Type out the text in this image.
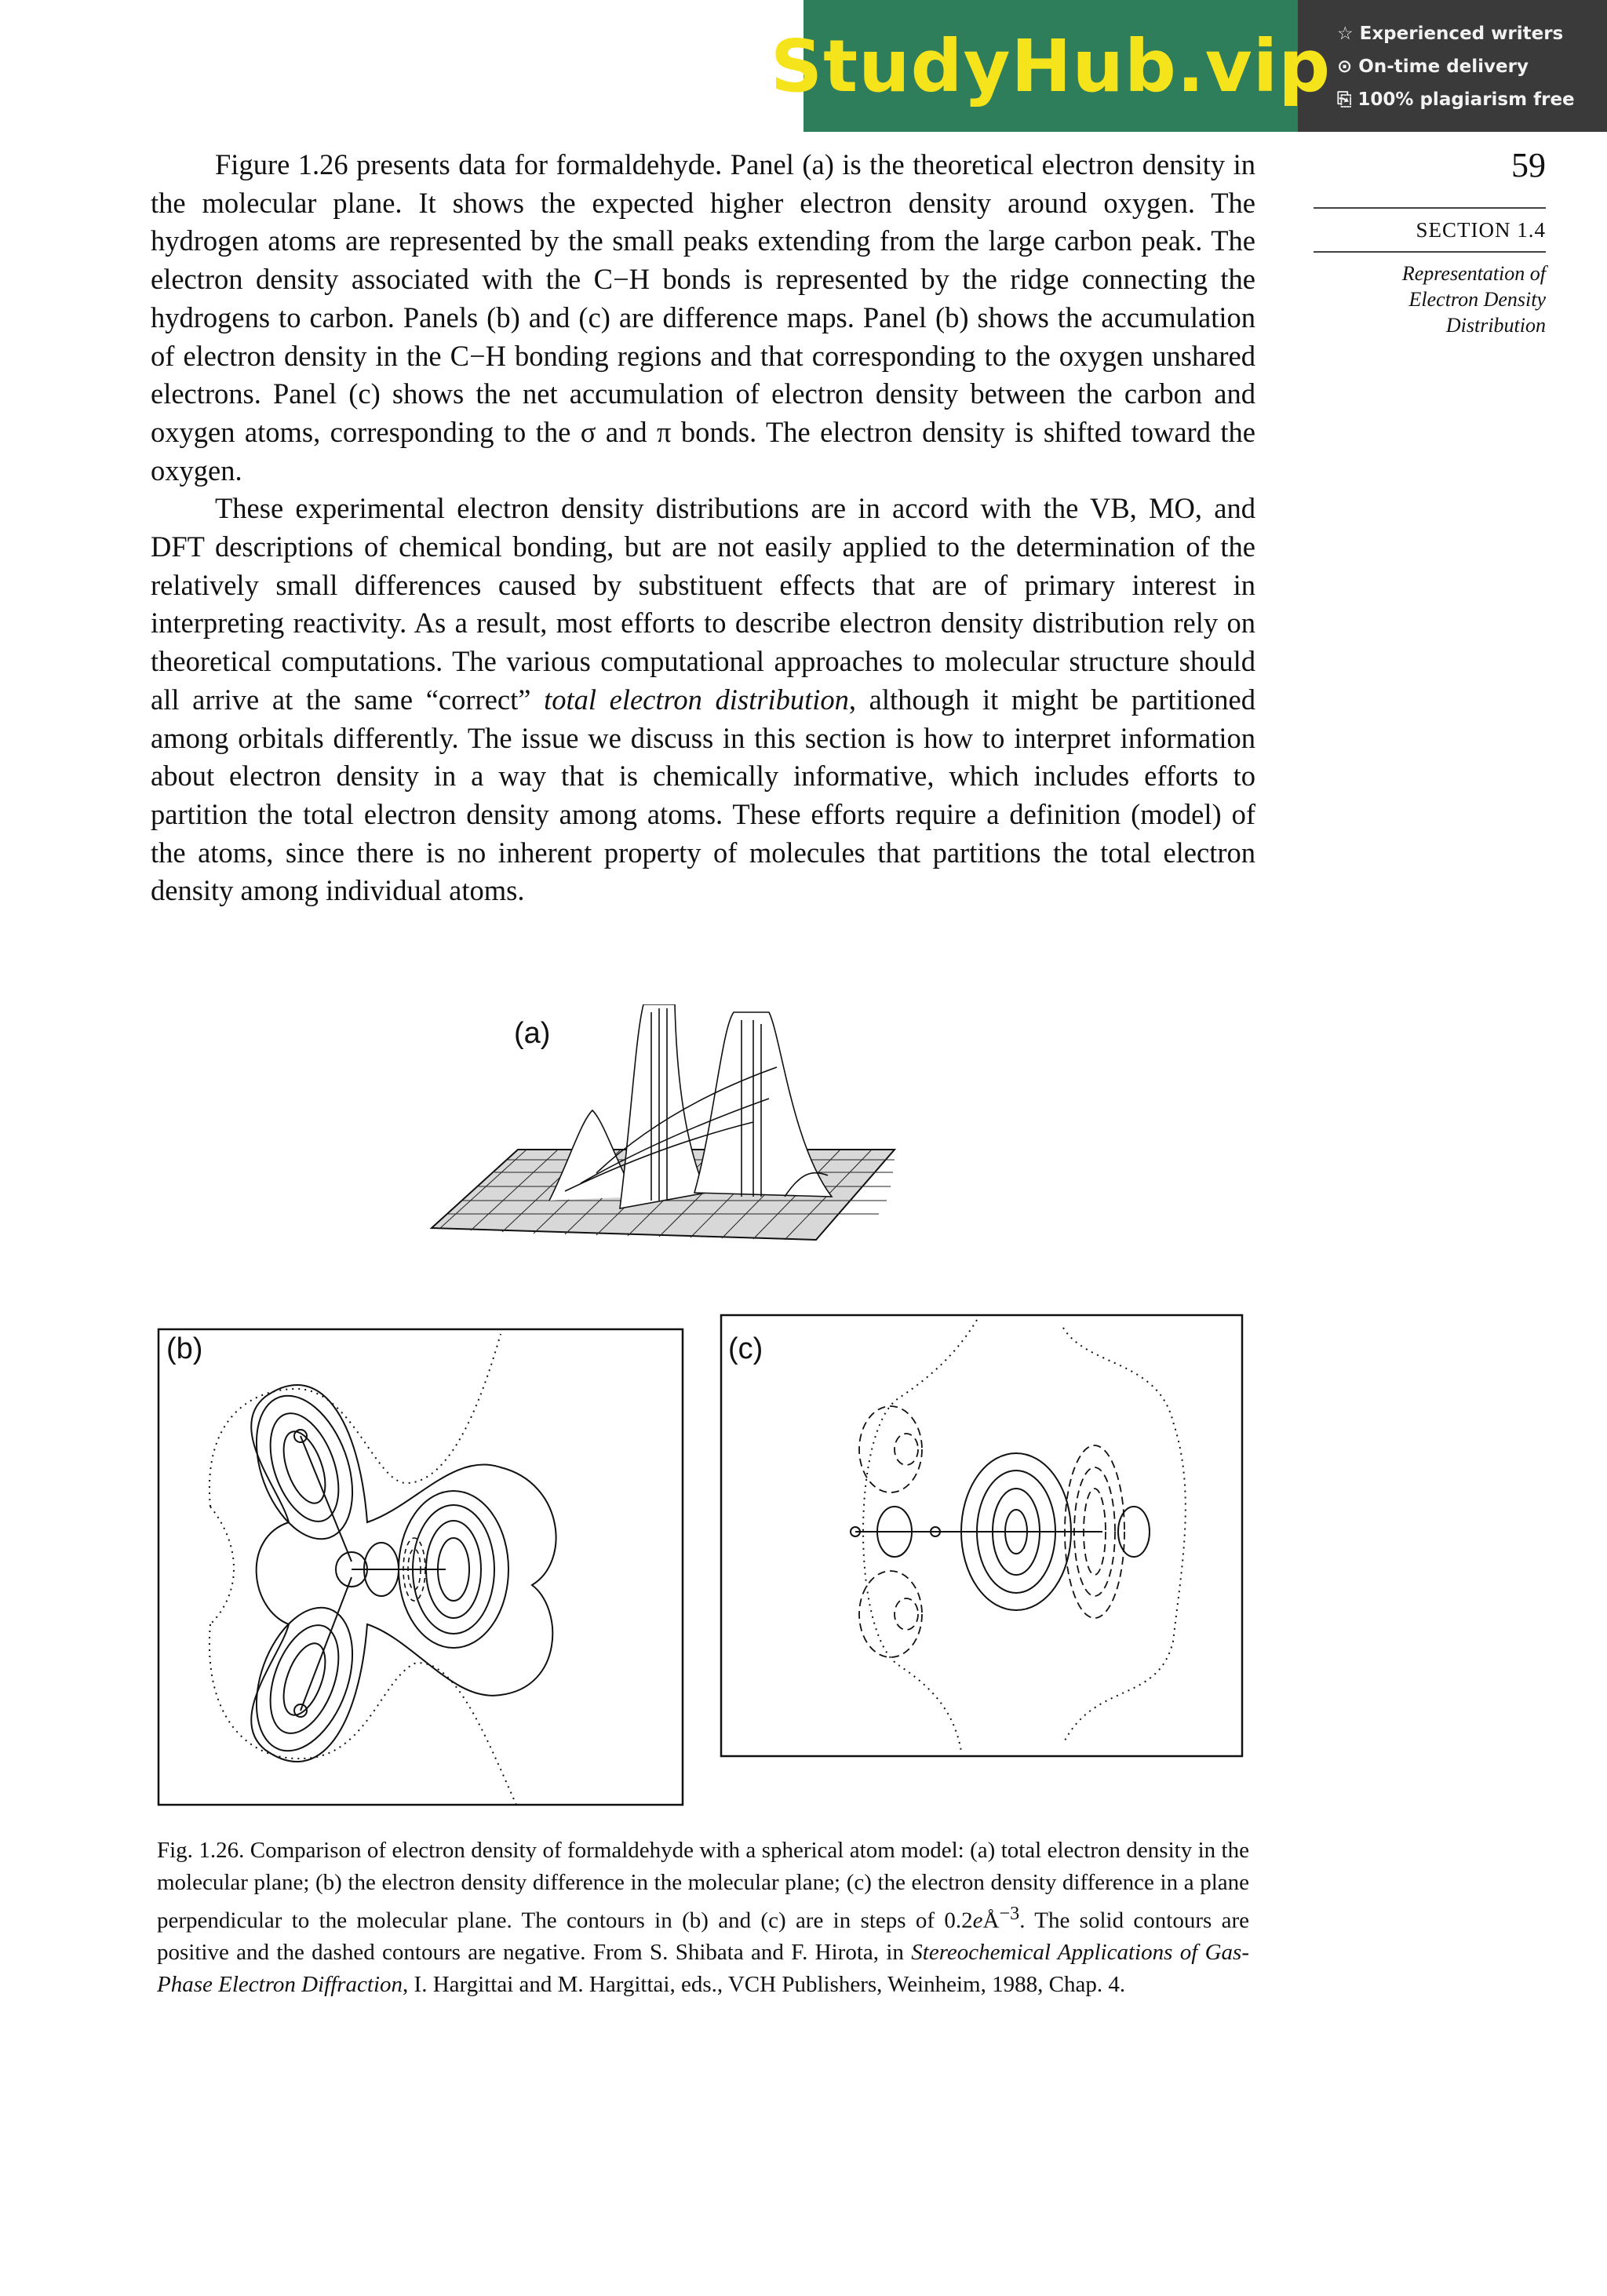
StudyHub.vip ☆ Experienced writers
⊙ On-time delivery
⎘ 100% plagiarism free
59
SECTION 1.4
Representation of
Electron Density
Distribution

Figure 1.26 presents data for formaldehyde. Panel (a) is the theoretical electron density in the molecular plane. It shows the expected higher electron density around oxygen. The hydrogen atoms are represented by the small peaks extending from the large carbon peak. The electron density associated with the C−H bonds is represented by the ridge connecting the hydrogens to carbon. Panels (b) and (c) are difference maps. Panel (b) shows the accumulation of electron density in the C−H bonding regions and that corresponding to the oxygen unshared electrons. Panel (c) shows the net accumulation of electron density between the carbon and oxygen atoms, corresponding to the σ and π bonds. The electron density is shifted toward the oxygen.

These experimental electron density distributions are in accord with the VB, MO, and DFT descriptions of chemical bonding, but are not easily applied to the determination of the relatively small differences caused by substituent effects that are of primary interest in interpreting reactivity. As a result, most efforts to describe electron density distribution rely on theoretical computations. The various computational approaches to molecular structure should all arrive at the same “correct” total electron distribution, although it might be partitioned among orbitals differently. The issue we discuss in this section is how to interpret information about electron density in a way that is chemically informative, which includes efforts to partition the total electron density among atoms. These efforts require a definition (model) of the atoms, since there is no inherent property of molecules that partitions the total electron density among individual atoms.

(a)
(b)	(c)
Fig. 1.26. Comparison of electron density of formaldehyde with a spherical atom model: (a) total electron density in the molecular plane; (b) the electron density difference in the molecular plane; (c) the electron density difference in a plane perpendicular to the molecular plane. The contours in (b) and (c) are in steps of $0.2eÅ^{-3}$. The solid contours are positive and the dashed contours are negative. From S. Shibata and F. Hirota, in Stereochemical Applications of Gas-Phase Electron Diffraction, I. Hargittai and M. Hargittai, eds., VCH Publishers, Weinheim, 1988, Chap. 4.
